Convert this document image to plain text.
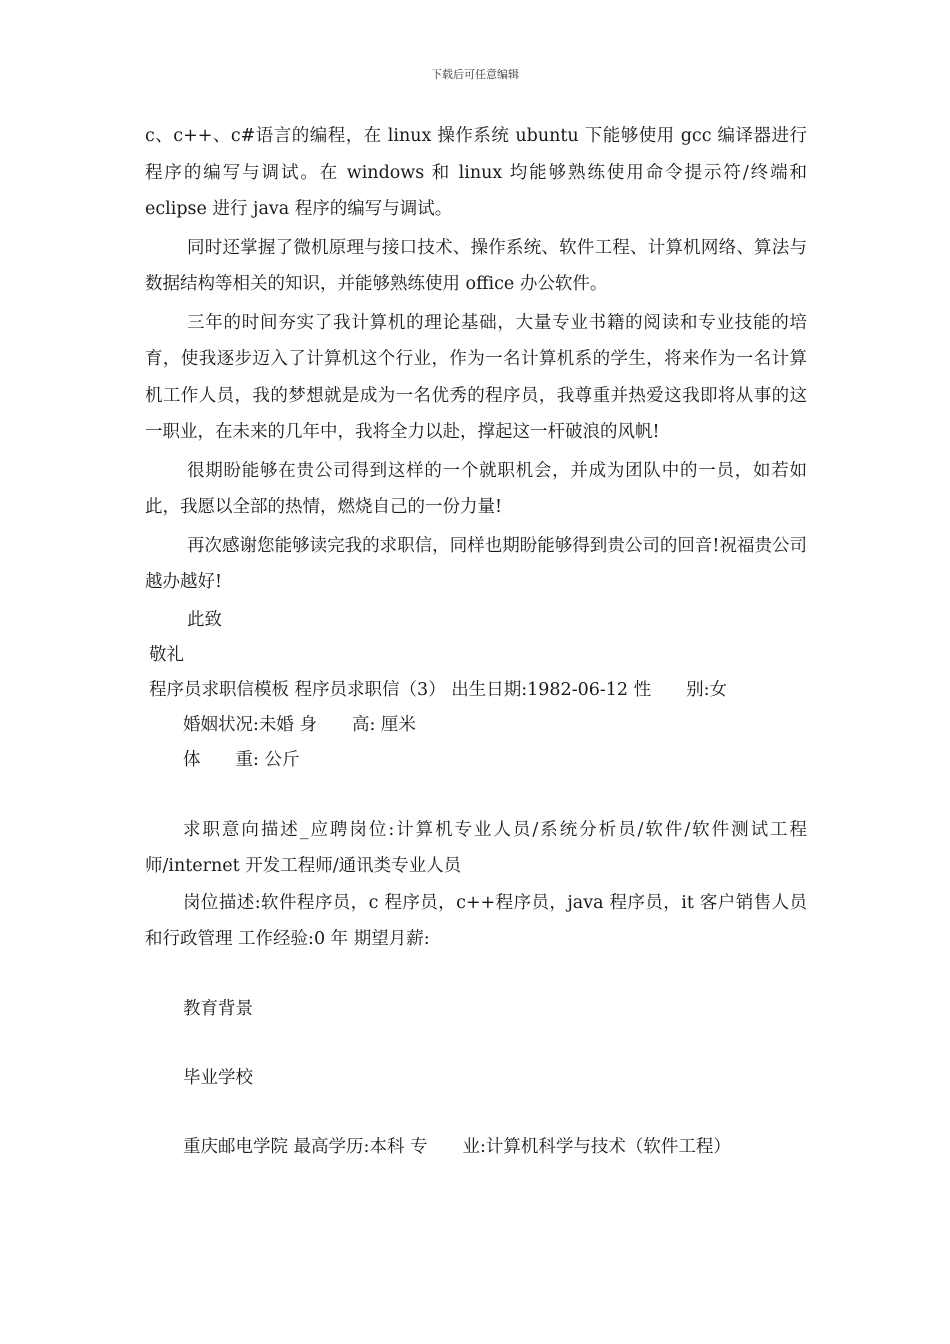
下载后可任意编辑

c、c++、c#语言的编程，在 linux 操作系统 ubuntu 下能够使用 gcc 编译器进行程序的编写与调试。在 windows 和 linux 均能够熟练使用命令提示符/终端和 eclipse 进行 java 程序的编写与调试。

同时还掌握了微机原理与接口技术、操作系统、软件工程、计算机网络、算法与数据结构等相关的知识，并能够熟练使用 office 办公软件。

三年的时间夯实了我计算机的理论基础，大量专业书籍的阅读和专业技能的培育，使我逐步迈入了计算机这个行业，作为一名计算机系的学生，将来作为一名计算机工作人员，我的梦想就是成为一名优秀的程序员，我尊重并热爱这我即将从事的这一职业，在未来的几年中，我将全力以赴，撑起这一杆破浪的风帆!

很期盼能够在贵公司得到这样的一个就职机会，并成为团队中的一员，如若如此，我愿以全部的热情，燃烧自己的一份力量!

再次感谢您能够读完我的求职信，同样也期盼能够得到贵公司的回音!祝福贵公司越办越好!

此致

敬礼

程序员求职信模板 程序员求职信（3） 出生日期:1982-06-12 性　　别:女

婚姻状况:未婚 身　　高: 厘米

体　　重: 公斤

求职意向描述_应聘岗位:计算机专业人员/系统分析员/软件/软件测试工程师/internet 开发工程师/通讯类专业人员

岗位描述:软件程序员，c 程序员，c++程序员，java 程序员，it 客户销售人员和行政管理 工作经验:0 年 期望月薪:

教育背景

毕业学校

重庆邮电学院 最高学历:本科 专　　业:计算机科学与技术（软件工程）
